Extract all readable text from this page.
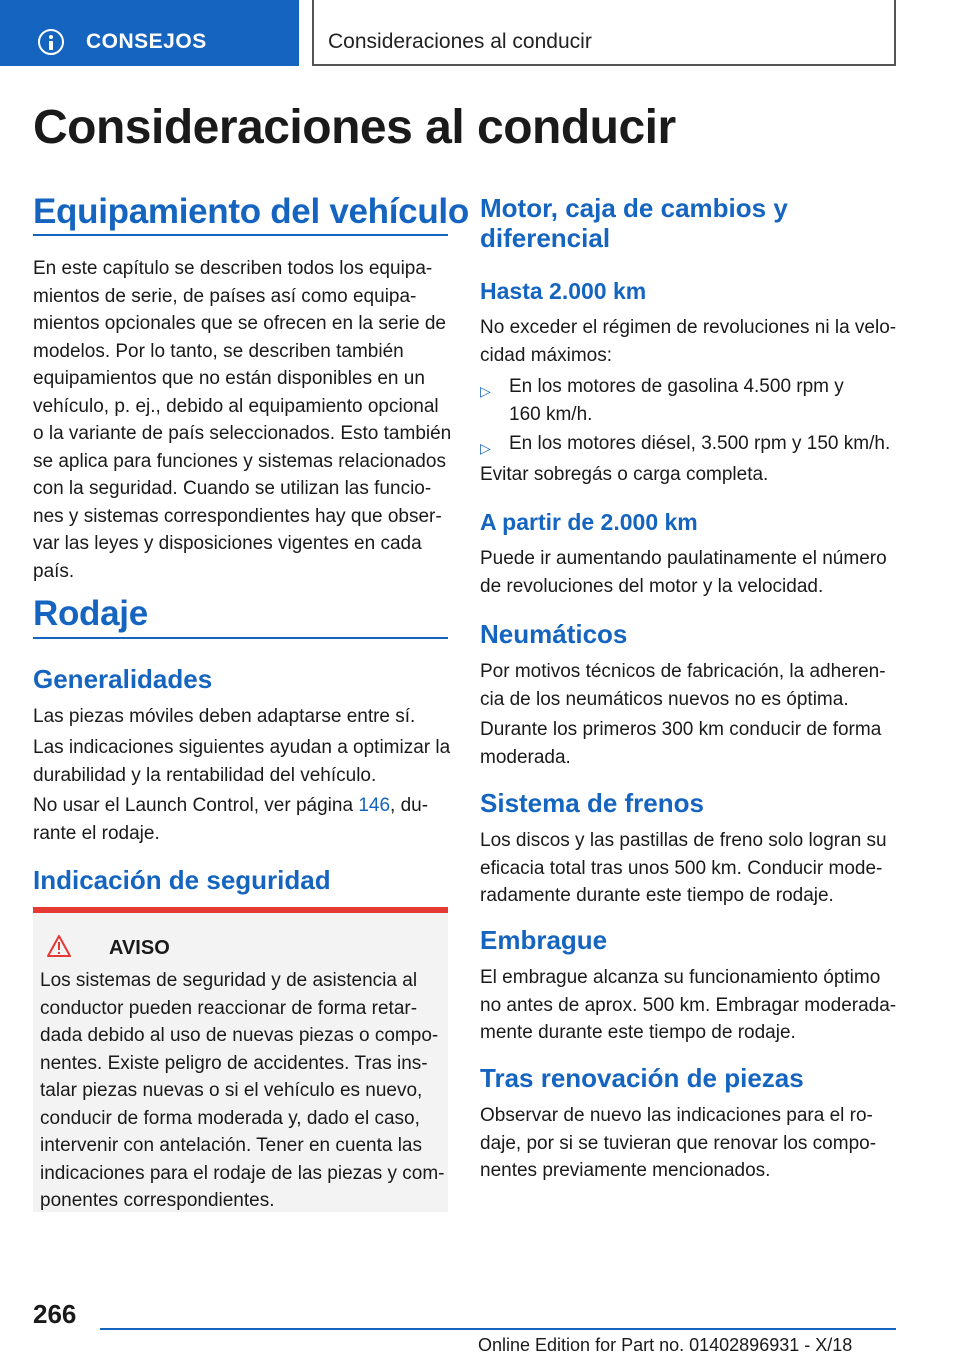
CONSEJOS	Consideraciones al conducir
Consideraciones al conducir
Equipamiento del vehículo

En este capítulo se describen todos los equipa-

mientos de serie, de países así como equipa-

mientos opcionales que se ofrecen en la serie de

modelos. Por lo tanto, se describen también

equipamientos que no están disponibles en un

vehículo, p. ej., debido al equipamiento opcional

o la variante de país seleccionados. Esto también

se aplica para funciones y sistemas relacionados

con la seguridad. Cuando se utilizan las funcio-

nes y sistemas correspondientes hay que obser-

var las leyes y disposiciones vigentes en cada

país.

Rodaje
Generalidades

Las piezas móviles deben adaptarse entre sí.

Las indicaciones siguientes ayudan a optimizar la

durabilidad y la rentabilidad del vehículo.

No usar el Launch Control, ver página 146, du-

rante el rodaje.

Indicación de seguridad
AVISO
Los sistemas de seguridad y de asistencia al
conductor pueden reaccionar de forma retar-
dada debido al uso de nuevas piezas o compo-
nentes. Existe peligro de accidentes. Tras ins-
talar piezas nuevas o si el vehículo es nuevo,
conducir de forma moderada y, dado el caso,
intervenir con antelación. Tener en cuenta las
indicaciones para el rodaje de las piezas y com-
ponentes correspondientes.
Motor, caja de cambios y
diferencial
Hasta 2.000 km

No exceder el régimen de revoluciones ni la velo-

cidad máximos:

▷ En los motores de gasolina 4.500 rpm y
160 km/h.
▷ En los motores diésel, 3.500 rpm y 150 km/h.

Evitar sobregás o carga completa.

A partir de 2.000 km

Puede ir aumentando paulatinamente el número

de revoluciones del motor y la velocidad.

Neumáticos

Por motivos técnicos de fabricación, la adheren-

cia de los neumáticos nuevos no es óptima.

Durante los primeros 300 km conducir de forma

moderada.

Sistema de frenos

Los discos y las pastillas de freno solo logran su

eficacia total tras unos 500 km. Conducir mode-

radamente durante este tiempo de rodaje.

Embrague

El embrague alcanza su funcionamiento óptimo

no antes de aprox. 500 km. Embragar moderada-

mente durante este tiempo de rodaje.

Tras renovación de piezas

Observar de nuevo las indicaciones para el ro-

daje, por si se tuvieran que renovar los compo-

nentes previamente mencionados.

266
Online Edition for Part no. 01402896931 - X/18
